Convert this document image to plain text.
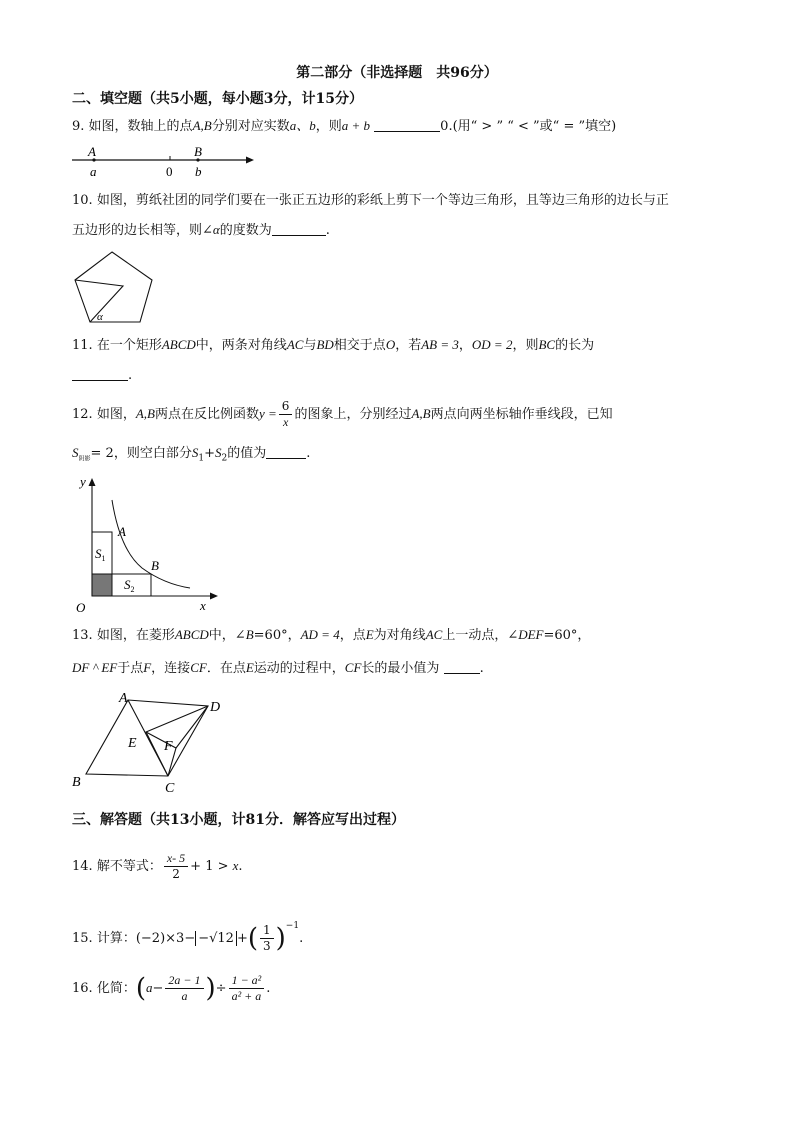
第二部分（非选择题　共96分）
二、填空题（共5小题，每小题3分，计15分）
9. 如图，数轴上的点A,B分别对应实数a、b，则a + b	0.(用“ > ” “ < ”或“ = ”填空)
A
a	0
B
b
10. 如图，剪纸社团的同学们要在一张正五边形的彩纸上剪下一个等边三角形，且等边三角形的边长与正
五边形的边长相等，则∠α的度数为	.
α
11. 在一个矩形ABCD中，两条对角线AC与BD相交于点O，若AB = 3，OD = 2，则BC的长为
.
12. 如图，A,B两点在反比例函数$y = \frac{6}{x}$ 的图象上，分别经过A,B两点向两坐标轴作垂线段，已知
$S_{阴影}= 2$，则空白部分$S_1+S_2$的值为	.
y
x
O
A
B
$S_1$
$S_2$
13. 如图，在菱形ABCD中，∠B=60°，AD = 4，点E为对角线AC上一动点，∠DEF=60°，
DF ^ EF于点F，连接CF．在点E运动的过程中，CF长的最小值为	.
A
B	C
D
E F
三、解答题（共13小题，计81分．解答应写出过程）
14. 解不等式： $\frac{x- 5}{2} + 1 > x$.
15. 计算：(−2)×3− −√12 +( $\frac{1}{3} )^{-1}$.
16. 化简：($a- \frac{2a - 1}{a}$ )÷ $\frac{\text{1 − a²}}{\text{a² + a}}$ .
